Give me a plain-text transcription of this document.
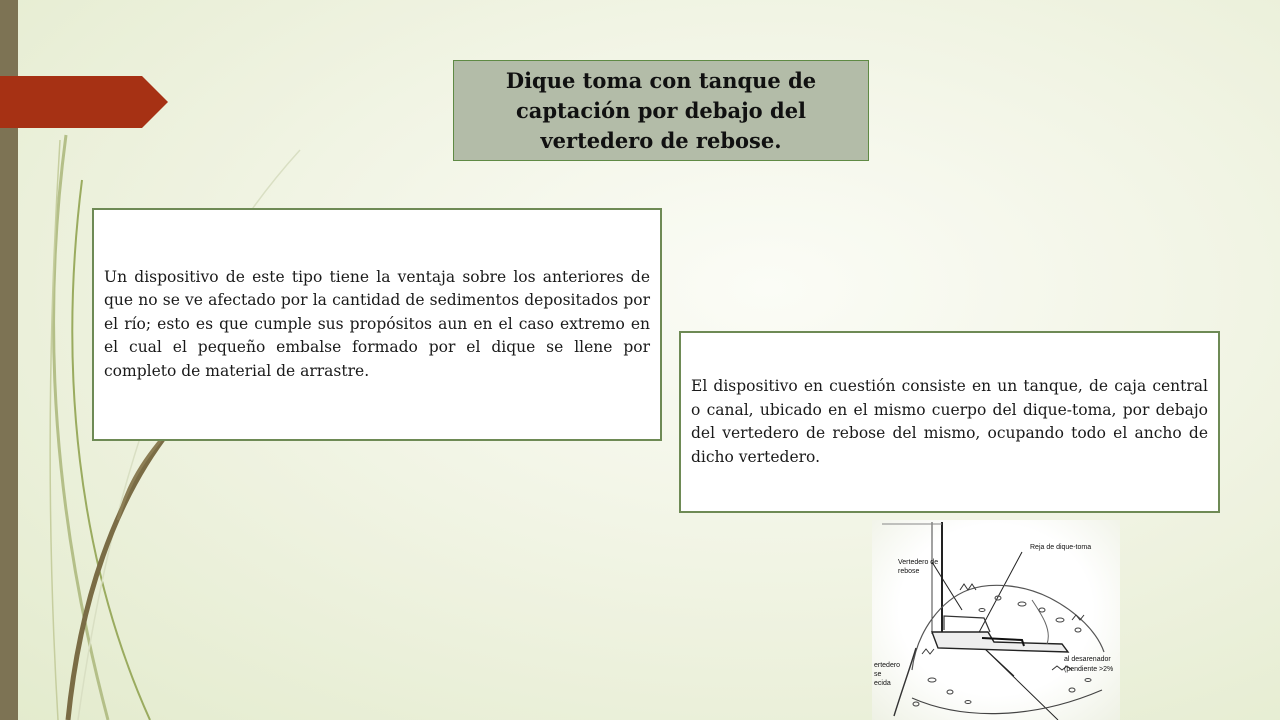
Dique toma con tanque de captación por debajo del vertedero de rebose.
Un dispositivo de este tipo tiene la ventaja sobre los anteriores de que no se ve afectado por la cantidad de sedimentos depositados por el río; esto es que cumple sus propósitos aun en el caso extremo en el cual el pequeño embalse formado por el dique se llene por completo de material de arrastre.
El dispositivo en cuestión consiste en un tanque, de caja central o canal, ubicado en el mismo cuerpo del dique-toma, por debajo del vertedero de rebose del mismo, ocupando todo el ancho de dicho vertedero.
Vertedero de
rebose
Reja de dique-toma
al desarenador
(pendiente >2%
ertedero
se
ecida
